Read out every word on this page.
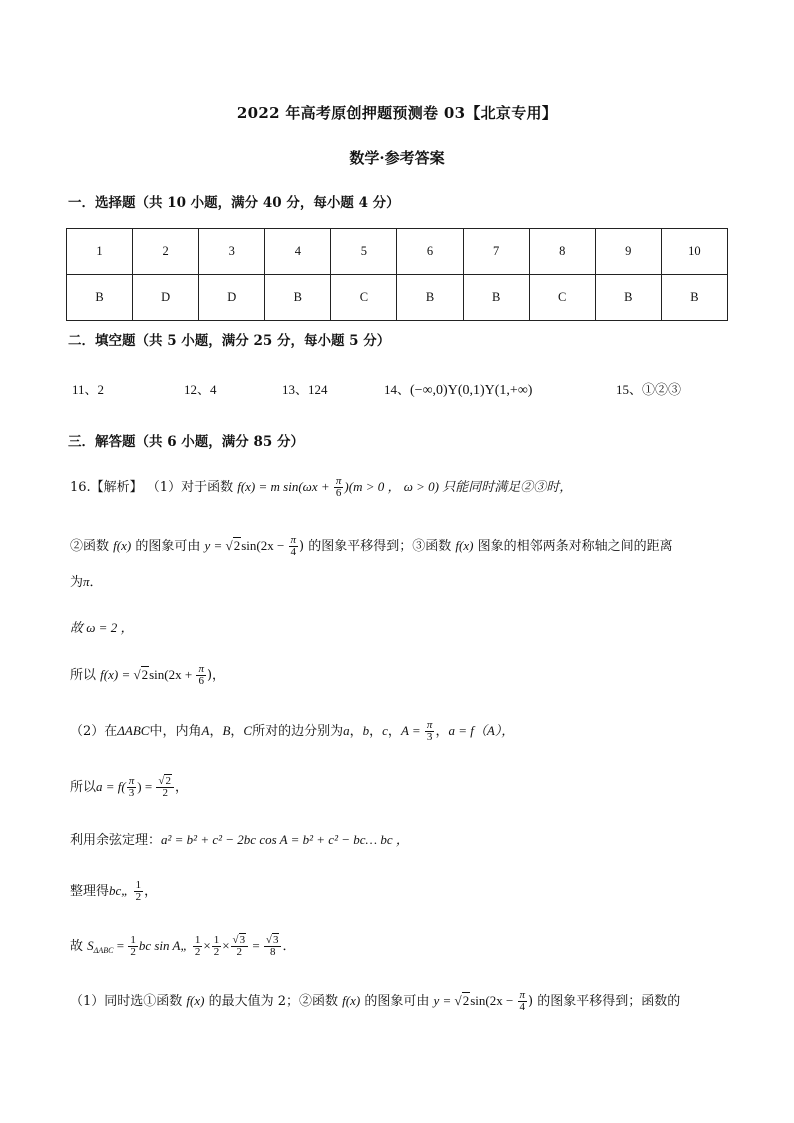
2022 年高考原创押题预测卷 03【北京专用】
数学·参考答案
一．选择题（共 10 小题，满分 40 分，每小题 4 分）
1	2	3	4	5	6	7	8	9	10
B	D	D	B	C	B	B	C	B	B
二．填空题（共 5 小题，满分 25 分，每小题 5 分）
11、2	12、4	13、124	14、(−∞,0)Y(0,1)Y(1,+∞)	15、①②③
三．解答题（共 6 小题，满分 85 分）
16.【解析】 （1）对于函数 f(x) = m $\sin(\omega x + \frac{\pi}{6} )(m > 0$ ， ω > 0) 只能同时满足②③时，
②函数 f(x) 的图象可由 $y = √2\sin(2x - \frac{\pi}{4}$ ) 的图象平移得到；③函数 f(x) 图象的相邻两条对称轴之间的距离
为π．
故 ω = 2 ，
所以 $f(x) = √2\sin(2x + \frac{\pi}{6}$ )，
（2）在ΔABC中，内角A，B，C所对的边分别为a，b，c，$A = \frac{\pi}{3}$ ，a = f（A），
所以$a = f( \frac{\pi}{3}$ ) = $\frac{√2}{2}$ ，
利用余弦定理：a² = b² + c² − 2bc cos A = b² + c² − bc… bc ，
整理得bc„ $\frac{1}{2}$ ，
故 $S_{\Delta ABC} = \frac{1}{2}$ bc sin A„ $\frac{1}{2} \times \frac{1}{2} \times \frac{√3}{2} = \frac{√3}{8}$ ．
（1）同时选①函数 f(x) 的最大值为 2；②函数 f(x) 的图象可由 $y = √2\sin(2x - \frac{\pi}{4}$ ) 的图象平移得到；函数的
